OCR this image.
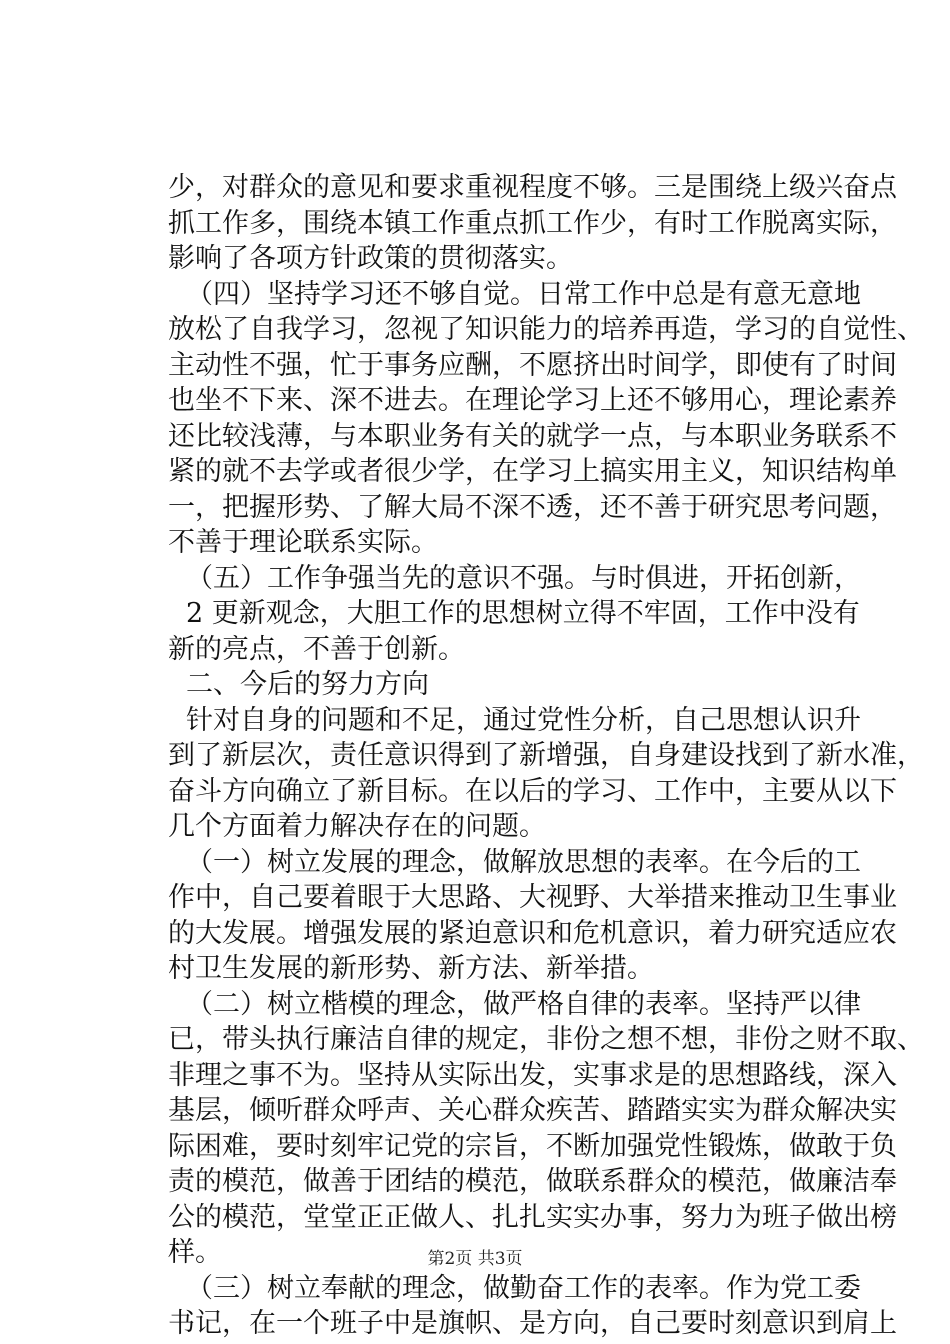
少，对群众的意见和要求重视程度不够。三是围绕上级兴奋点
抓工作多，围绕本镇工作重点抓工作少，有时工作脱离实际，
影响了各项方针政策的贯彻落实。
（四）坚持学习还不够自觉。日常工作中总是有意无意地
放松了自我学习，忽视了知识能力的培养再造，学习的自觉性、
主动性不强，忙于事务应酬，不愿挤出时间学，即使有了时间
也坐不下来、深不进去。在理论学习上还不够用心，理论素养
还比较浅薄，与本职业务有关的就学一点，与本职业务联系不
紧的就不去学或者很少学，在学习上搞实用主义，知识结构单
一，把握形势、了解大局不深不透，还不善于研究思考问题，
不善于理论联系实际。
（五）工作争强当先的意识不强。与时俱进，开拓创新，
2 更新观念，大胆工作的思想树立得不牢固，工作中没有
新的亮点，不善于创新。
二、今后的努力方向
针对自身的问题和不足，通过党性分析，自己思想认识升
到了新层次，责任意识得到了新增强，自身建设找到了新水准，
奋斗方向确立了新目标。在以后的学习、工作中，主要从以下
几个方面着力解决存在的问题。
（一）树立发展的理念，做解放思想的表率。在今后的工
作中，自己要着眼于大思路、大视野、大举措来推动卫生事业
的大发展。增强发展的紧迫意识和危机意识，着力研究适应农
村卫生发展的新形势、新方法、新举措。
（二）树立楷模的理念，做严格自律的表率。坚持严以律
已，带头执行廉洁自律的规定，非份之想不想，非份之财不取、
非理之事不为。坚持从实际出发，实事求是的思想路线，深入
基层，倾听群众呼声、关心群众疾苦、踏踏实实为群众解决实
际困难，要时刻牢记党的宗旨，不断加强党性锻炼，做敢于负
责的模范，做善于团结的模范，做联系群众的模范，做廉洁奉
公的模范，堂堂正正做人、扎扎实实办事，努力为班子做出榜
样。
（三）树立奉献的理念，做勤奋工作的表率。作为党工委
书记，在一个班子中是旗帜、是方向，自己要时刻意识到肩上
第2页 共3页
